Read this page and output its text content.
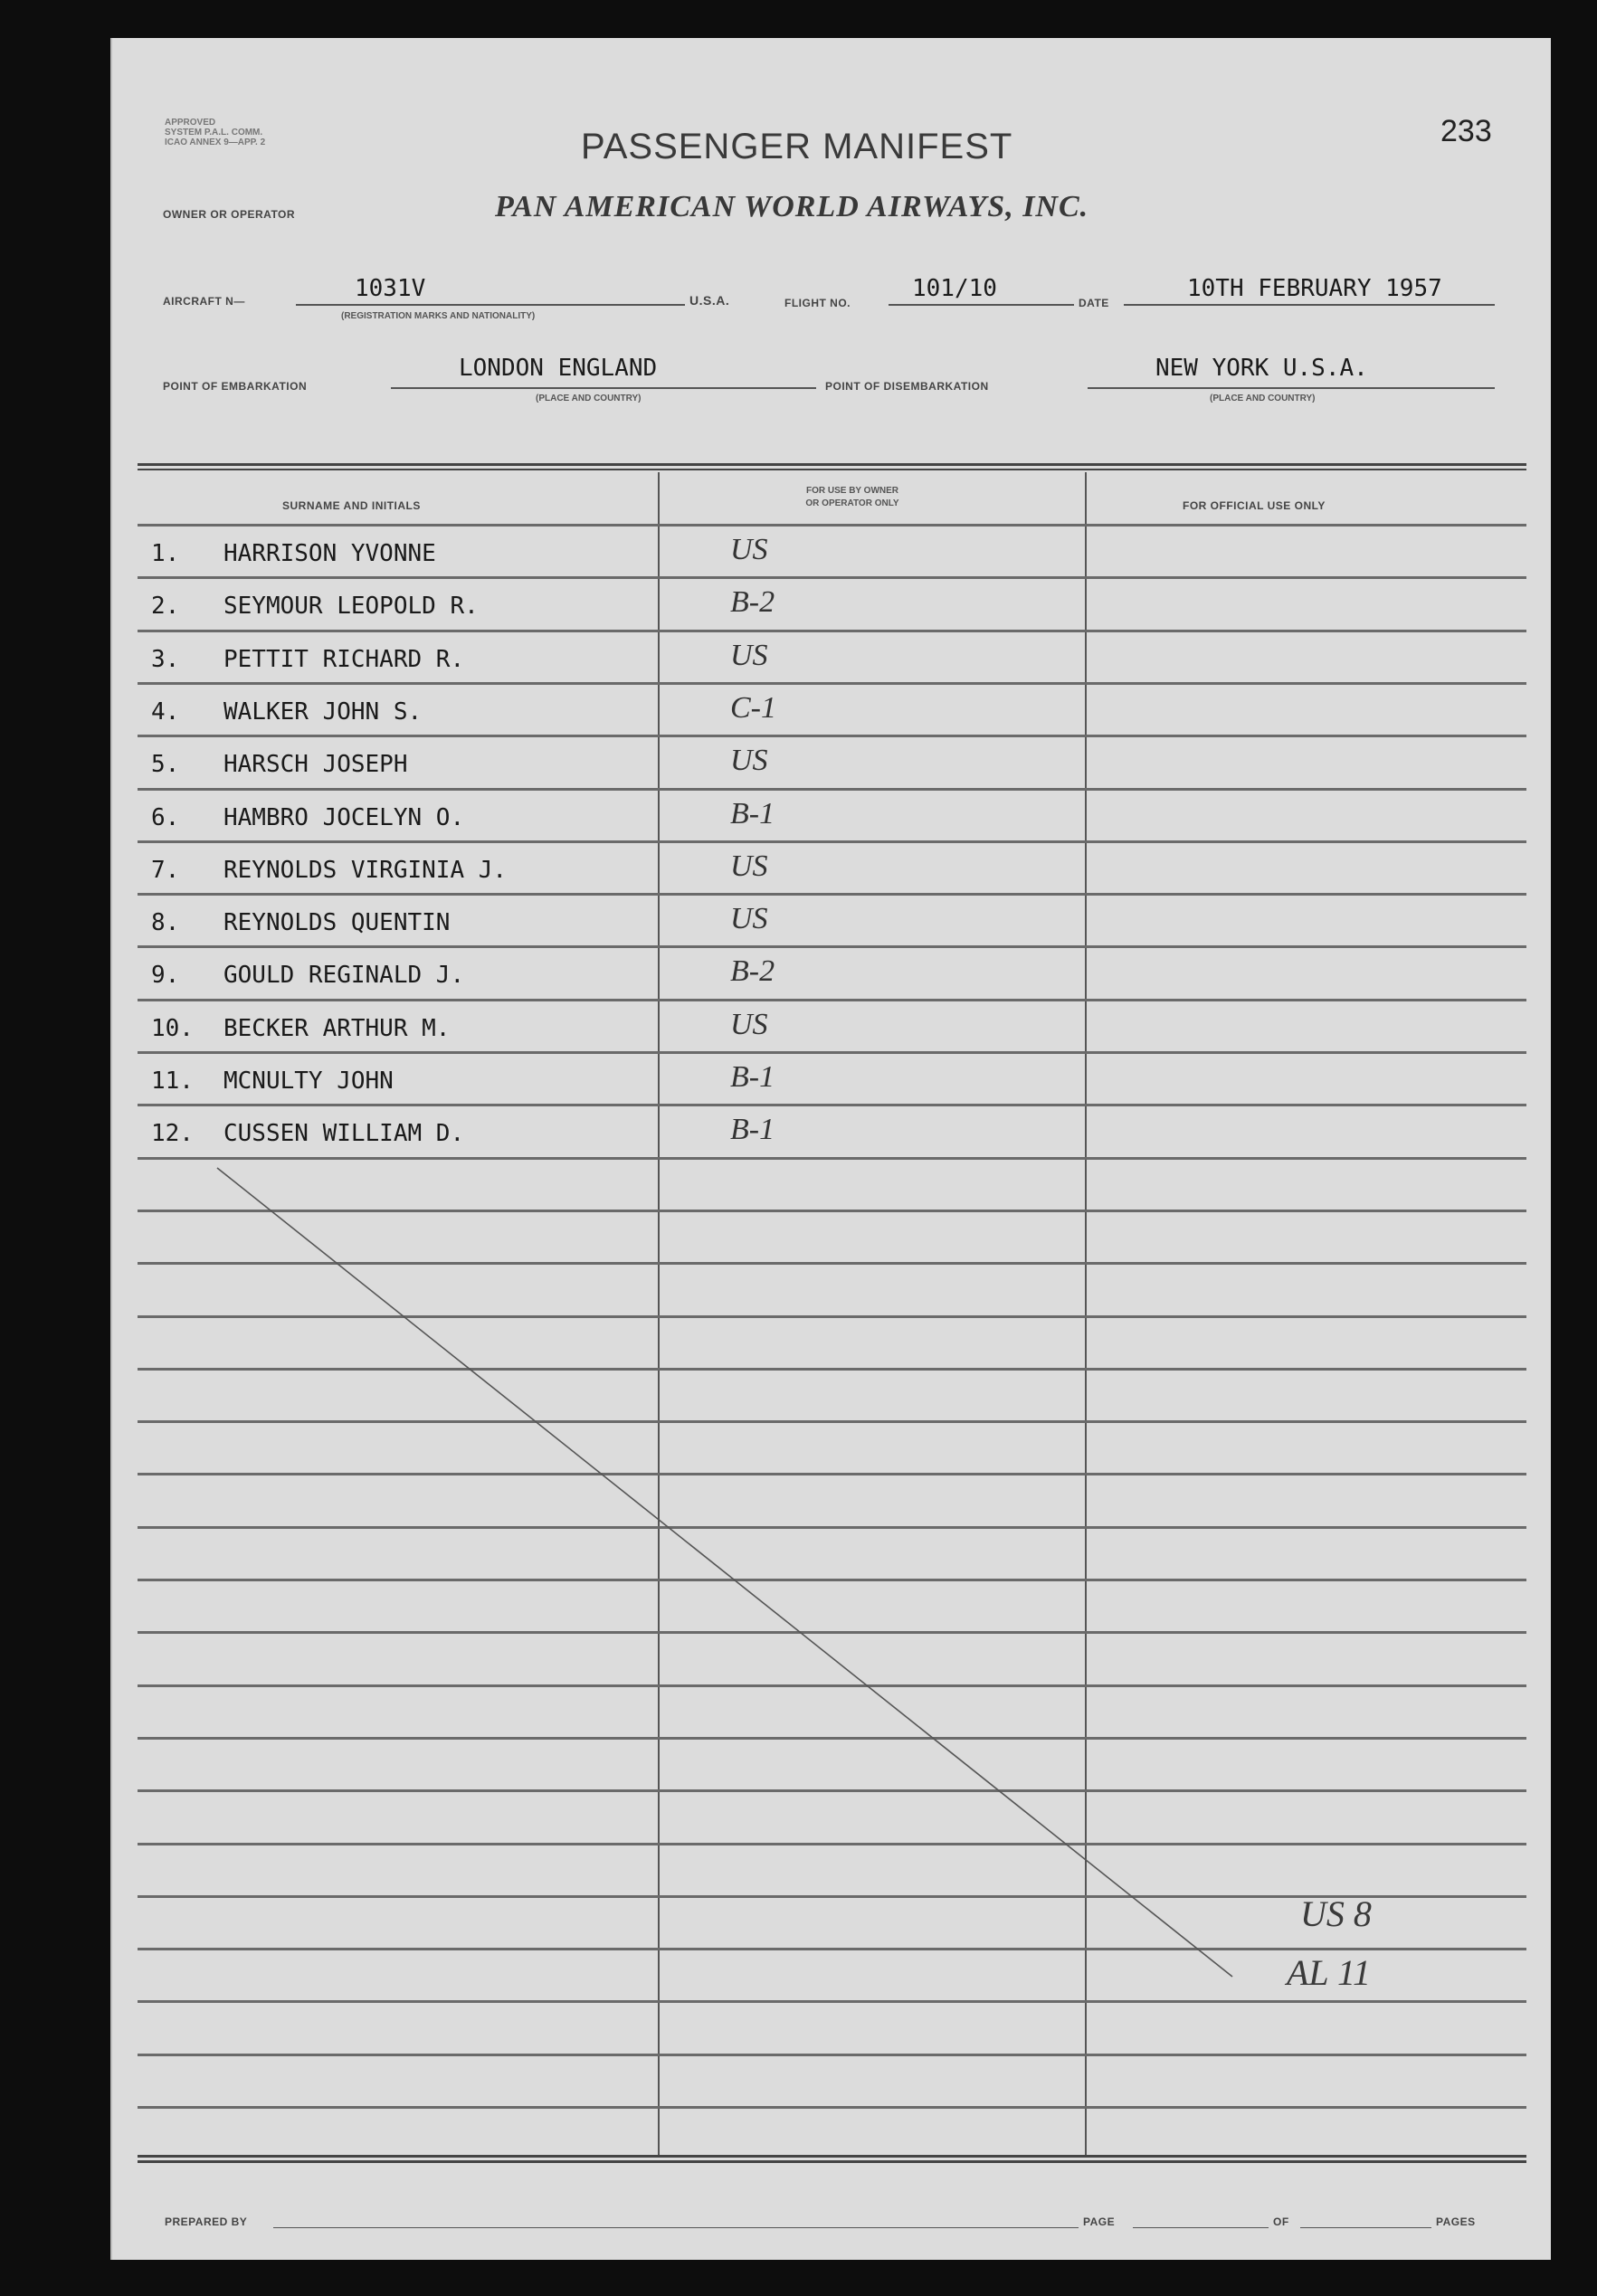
APPROVED
SYSTEM P.A.L. COMM.
ICAO ANNEX 9—APP. 2	233
PASSENGER MANIFEST
OWNER OR OPERATOR	PAN AMERICAN WORLD AIRWAYS, INC.
AIRCRAFT N—	1031V
(REGISTRATION MARKS AND NATIONALITY)
U.S.A.	FLIGHT NO.
101/10
DATE
10TH FEBRUARY 1957
POINT OF EMBARKATION
LONDON ENGLAND
(PLACE AND COUNTRY)
POINT OF DISEMBARKATION
NEW YORK U.S.A.
(PLACE AND COUNTRY)
SURNAME AND INITIALS
FOR USE BY OWNER
OR OPERATOR ONLY	FOR OFFICIAL USE ONLY
1. HARRISON YVONNE	US
2. SEYMOUR LEOPOLD R.	B-2
3. PETTIT RICHARD R.	US
4. WALKER JOHN S.	C-1
5. HARSCH JOSEPH	US
6. HAMBRO JOCELYN O.	B-1
7. REYNOLDS VIRGINIA J.	US
8. REYNOLDS QUENTIN	US
9. GOULD REGINALD J.	B-2
10. BECKER ARTHUR M.	US
11. MCNULTY JOHN	B-1
12. CUSSEN WILLIAM D.	B-1
US 8
AL 11
PREPARED BY	PAGE	OF	PAGES
